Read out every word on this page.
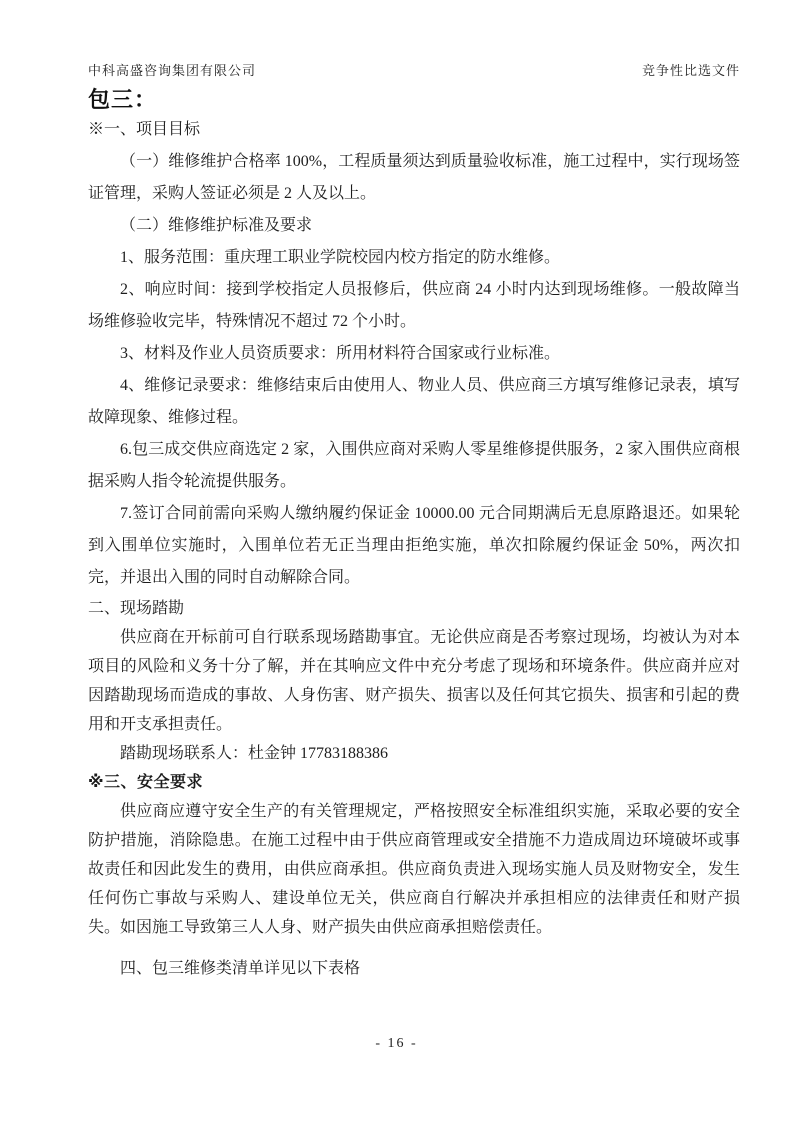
中科高盛咨询集团有限公司	竞争性比选文件
包三：

※一、项目目标

（一）维修维护合格率 100%，工程质量须达到质量验收标准，施工过程中，实行现场签证管理，采购人签证必须是 2 人及以上。

（二）维修维护标准及要求

1、服务范围：重庆理工职业学院校园内校方指定的防水维修。

2、响应时间：接到学校指定人员报修后，供应商 24 小时内达到现场维修。一般故障当场维修验收完毕，特殊情况不超过 72 个小时。

3、材料及作业人员资质要求：所用材料符合国家或行业标准。

4、维修记录要求：维修结束后由使用人、物业人员、供应商三方填写维修记录表，填写故障现象、维修过程。

6.包三成交供应商选定 2 家，入围供应商对采购人零星维修提供服务，2 家入围供应商根据采购人指令轮流提供服务。

7.签订合同前需向采购人缴纳履约保证金 10000.00 元合同期满后无息原路退还。如果轮到入围单位实施时，入围单位若无正当理由拒绝实施，单次扣除履约保证金 50%，两次扣完，并退出入围的同时自动解除合同。

二、现场踏勘

供应商在开标前可自行联系现场踏勘事宜。无论供应商是否考察过现场，均被认为对本项目的风险和义务十分了解，并在其响应文件中充分考虑了现场和环境条件。供应商并应对因踏勘现场而造成的事故、人身伤害、财产损失、损害以及任何其它损失、损害和引起的费用和开支承担责任。

踏勘现场联系人：杜金钟 17783188386

※三、安全要求

供应商应遵守安全生产的有关管理规定，严格按照安全标准组织实施，采取必要的安全防护措施，消除隐患。在施工过程中由于供应商管理或安全措施不力造成周边环境破坏或事故责任和因此发生的费用，由供应商承担。供应商负责进入现场实施人员及财物安全，发生任何伤亡事故与采购人、建设单位无关，供应商自行解决并承担相应的法律责任和财产损失。如因施工导致第三人人身、财产损失由供应商承担赔偿责任。

四、包三维修类清单详见以下表格

- 16 -
